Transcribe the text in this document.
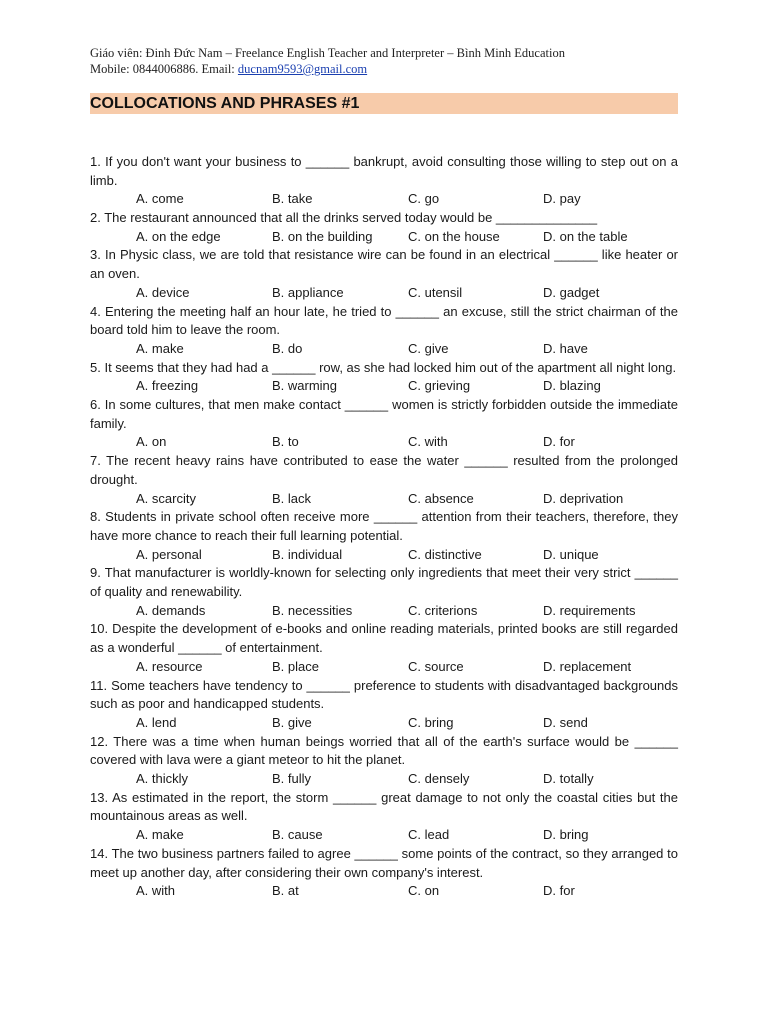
Giáo viên: Đinh Đức Nam – Freelance English Teacher and Interpreter – Bình Minh Education
Mobile: 0844006886. Email: ducnam9593@gmail.com
COLLOCATIONS AND PHRASES #1

1. If you don't want your business to ______ bankrupt, avoid consulting those willing to step out on a limb.

A. come	B. take	C. go	D. pay

2. The restaurant announced that all the drinks served today would be ______________

A. on the edge	B. on the building	C. on the house	D. on the table

3. In Physic class, we are told that resistance wire can be found in an electrical ______ like heater or an oven.

A. device	B. appliance	C. utensil	D. gadget

4. Entering the meeting half an hour late, he tried to ______ an excuse, still the strict chairman of the board told him to leave the room.

A. make	B. do	C. give	D. have

5. It seems that they had had a ______ row, as she had locked him out of the apartment all night long.

A. freezing	B. warming	C. grieving	D. blazing

6. In some cultures, that men make contact ______ women is strictly forbidden outside the immediate family.

A. on	B. to	C. with	D. for

7. The recent heavy rains have contributed to ease the water ______ resulted from the prolonged drought.

A. scarcity	B. lack	C. absence	D. deprivation

8. Students in private school often receive more ______ attention from their teachers, therefore, they have more chance to reach their full learning potential.

A. personal	B. individual	C. distinctive	D. unique

9. That manufacturer is worldly-known for selecting only ingredients that meet their very strict ______ of quality and renewability.

A. demands	B. necessities	C. criterions	D. requirements

10. Despite the development of e-books and online reading materials, printed books are still regarded as a wonderful ______ of entertainment.

A. resource	B. place	C. source	D. replacement

11. Some teachers have tendency to ______ preference to students with disadvantaged backgrounds such as poor and handicapped students.

A. lend	B. give	C. bring	D. send

12. There was a time when human beings worried that all of the earth's surface would be ______ covered with lava were a giant meteor to hit the planet.

A. thickly	B. fully	C. densely	D. totally

13. As estimated in the report, the storm ______ great damage to not only the coastal cities but the mountainous areas as well.

A. make	B. cause	C. lead	D. bring

14. The two business partners failed to agree ______ some points of the contract, so they arranged to meet up another day, after considering their own company's interest.

A. with	B. at	C. on	D. for
